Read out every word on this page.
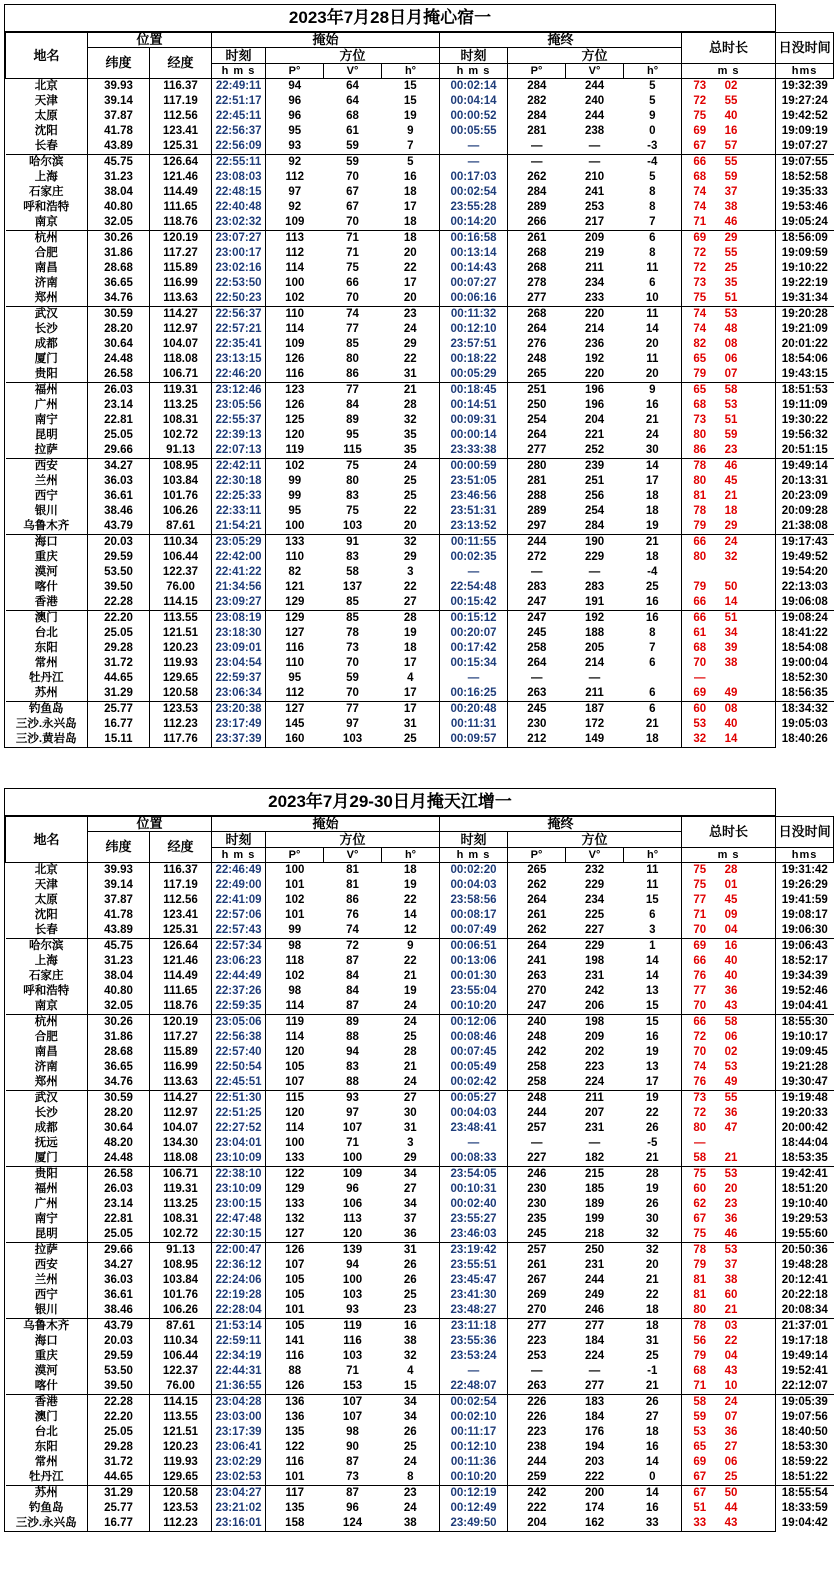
2023年7月28日月掩心宿一
地名	位置		掩始				掩终				总时长			日没时间
	纬度	经度	时刻	方位			时刻	方位						
			h m s	P°	V°	h°	h m s	P°	V°	h°	m s			hms
北京	39.93	116.37	22:49:11	94	64	15	00:02:14	284	244	5	73	02		19:32:39
天津	39.14	117.19	22:51:17	96	64	15	00:04:14	282	240	5	72	55		19:27:24
太原	37.87	112.56	22:45:11	96	68	19	00:00:52	284	244	9	75	40		19:42:52
沈阳	41.78	123.41	22:56:37	95	61	9	00:05:55	281	238	0	69	16		19:09:19
长春	43.89	125.31	22:56:09	93	59	7	—	—	—	-3	67	57		19:07:27
哈尔滨	45.75	126.64	22:55:11	92	59	5	—	—	—	-4	66	55		19:07:55
上海	31.23	121.46	23:08:03	112	70	16	00:17:03	262	210	5	68	59		18:52:58
石家庄	38.04	114.49	22:48:15	97	67	18	00:02:54	284	241	8	74	37		19:35:33
呼和浩特	40.80	111.65	22:40:48	92	67	17	23:55:28	289	253	8	74	38		19:53:46
南京	32.05	118.76	23:02:32	109	70	18	00:14:20	266	217	7	71	46		19:05:24
杭州	30.26	120.19	23:07:27	113	71	18	00:16:58	261	209	6	69	29		18:56:09
合肥	31.86	117.27	23:00:17	112	71	20	00:13:14	268	219	8	72	55		19:09:59
南昌	28.68	115.89	23:02:16	114	75	22	00:14:43	268	211	11	72	25		19:10:22
济南	36.65	116.99	22:53:50	100	66	17	00:07:27	278	234	6	73	35		19:22:19
郑州	34.76	113.63	22:50:23	102	70	20	00:06:16	277	233	10	75	51		19:31:34
武汉	30.59	114.27	22:56:37	110	74	23	00:11:32	268	220	11	74	53		19:20:28
长沙	28.20	112.97	22:57:21	114	77	24	00:12:10	264	214	14	74	48		19:21:09
成都	30.64	104.07	22:35:41	109	85	29	23:57:51	276	236	20	82	08		20:01:22
厦门	24.48	118.08	23:13:15	126	80	22	00:18:22	248	192	11	65	06		18:54:06
贵阳	26.58	106.71	22:46:20	116	86	31	00:05:29	265	220	20	79	07		19:43:15
福州	26.03	119.31	23:12:46	123	77	21	00:18:45	251	196	9	65	58		18:51:53
广州	23.14	113.25	23:05:56	126	84	28	00:14:51	250	196	16	68	53		19:11:09
南宁	22.81	108.31	22:55:37	125	89	32	00:09:31	254	204	21	73	51		19:30:22
昆明	25.05	102.72	22:39:13	120	95	35	00:00:14	264	221	24	80	59		19:56:32
拉萨	29.66	91.13	22:07:13	119	115	35	23:33:38	277	252	30	86	23		20:51:15
西安	34.27	108.95	22:42:11	102	75	24	00:00:59	280	239	14	78	46		19:49:14
兰州	36.03	103.84	22:30:18	99	80	25	23:51:05	281	251	17	80	45		20:13:31
西宁	36.61	101.76	22:25:33	99	83	25	23:46:56	288	256	18	81	21		20:23:09
银川	38.46	106.26	22:33:11	95	75	22	23:51:31	289	254	18	78	18		20:09:28
乌鲁木齐	43.79	87.61	21:54:21	100	103	20	23:13:52	297	284	19	79	29		21:38:08
海口	20.03	110.34	23:05:29	133	91	32	00:11:55	244	190	21	66	24		19:17:43
重庆	29.59	106.44	22:42:00	110	83	29	00:02:35	272	229	18	80	32		19:49:52
漠河	53.50	122.37	22:41:22	82	58	3	—	—	—	-4				19:54:20
喀什	39.50	76.00	21:34:56	121	137	22	22:54:48	283	283	25	79	50		22:13:03
香港	22.28	114.15	23:09:27	129	85	27	00:15:42	247	191	16	66	14		19:06:08
澳门	22.20	113.55	23:08:19	129	85	28	00:15:12	247	192	16	66	51		19:08:24
台北	25.05	121.51	23:18:30	127	78	19	00:20:07	245	188	8	61	34		18:41:22
东阳	29.28	120.23	23:09:01	116	73	18	00:17:42	258	205	7	68	39		18:54:08
常州	31.72	119.93	23:04:54	110	70	17	00:15:34	264	214	6	70	38		19:00:04
牡丹江	44.65	129.65	22:59:37	95	59	4	—	—	—		—			18:52:30
苏州	31.29	120.58	23:06:34	112	70	17	00:16:25	263	211	6	69	49		18:56:35
钓鱼岛	25.77	123.53	23:20:38	127	77	17	00:20:48	245	187	6	60	08		18:34:32
三沙.永兴岛	16.77	112.23	23:17:49	145	97	31	00:11:31	230	172	21	53	40		19:05:03
三沙.黄岩岛	15.11	117.76	23:37:39	160	103	25	00:09:57	212	149	18	32	14		18:40:26
2023年7月29-30日月掩天江增一
地名	位置		掩始				掩终				总时长			日没时间
	纬度	经度	时刻	方位			时刻	方位						
			h m s	P°	V°	h°	h m s	P°	V°	h°	m s			hms
北京	39.93	116.37	22:46:49	100	81	18	00:02:20	265	232	11	75	28		19:31:42
天津	39.14	117.19	22:49:00	101	81	19	00:04:03	262	229	11	75	01		19:26:29
太原	37.87	112.56	22:41:09	102	86	22	23:58:56	264	234	15	77	45		19:41:59
沈阳	41.78	123.41	22:57:06	101	76	14	00:08:17	261	225	6	71	09		19:08:17
长春	43.89	125.31	22:57:43	99	74	12	00:07:49	262	227	3	70	04		19:06:30
哈尔滨	45.75	126.64	22:57:34	98	72	9	00:06:51	264	229	1	69	16		19:06:43
上海	31.23	121.46	23:06:23	118	87	22	00:13:06	241	198	14	66	40		18:52:17
石家庄	38.04	114.49	22:44:49	102	84	21	00:01:30	263	231	14	76	40		19:34:39
呼和浩特	40.80	111.65	22:37:26	98	84	19	23:55:04	270	242	13	77	36		19:52:46
南京	32.05	118.76	22:59:35	114	87	24	00:10:20	247	206	15	70	43		19:04:41
杭州	30.26	120.19	23:05:06	119	89	24	00:12:06	240	198	15	66	58		18:55:30
合肥	31.86	117.27	22:56:38	114	88	25	00:08:46	248	209	16	72	06		19:10:17
南昌	28.68	115.89	22:57:40	120	94	28	00:07:45	242	202	19	70	02		19:09:45
济南	36.65	116.99	22:50:54	105	83	21	00:05:49	258	223	13	74	53		19:21:28
郑州	34.76	113.63	22:45:51	107	88	24	00:02:42	258	224	17	76	49		19:30:47
武汉	30.59	114.27	22:51:30	115	93	27	00:05:27	248	211	19	73	55		19:19:48
长沙	28.20	112.97	22:51:25	120	97	30	00:04:03	244	207	22	72	36		19:20:33
成都	30.64	104.07	22:27:52	114	107	31	23:48:41	257	231	26	80	47		20:00:42
抚远	48.20	134.30	23:04:01	100	71	3	—	—	—	-5	—			18:44:04
厦门	24.48	118.08	23:10:09	133	100	29	00:08:33	227	182	21	58	21		18:53:35
贵阳	26.58	106.71	22:38:10	122	109	34	23:54:05	246	215	28	75	53		19:42:41
福州	26.03	119.31	23:10:09	129	96	27	00:10:31	230	185	19	60	20		18:51:20
广州	23.14	113.25	23:00:15	133	106	34	00:02:40	230	189	26	62	23		19:10:40
南宁	22.81	108.31	22:47:48	132	113	37	23:55:27	235	199	30	67	36		19:29:53
昆明	25.05	102.72	22:30:15	127	120	36	23:46:03	245	218	32	75	46		19:55:60
拉萨	29.66	91.13	22:00:47	126	139	31	23:19:42	257	250	32	78	53		20:50:36
西安	34.27	108.95	22:36:12	107	94	26	23:55:51	261	231	20	79	37		19:48:28
兰州	36.03	103.84	22:24:06	105	100	26	23:45:47	267	244	21	81	38		20:12:41
西宁	36.61	101.76	22:19:28	105	103	25	23:41:30	269	249	22	81	60		20:22:18
银川	38.46	106.26	22:28:04	101	93	23	23:48:27	270	246	18	80	21		20:08:34
乌鲁木齐	43.79	87.61	21:53:14	105	119	16	23:11:18	277	277	18	78	03		21:37:01
海口	20.03	110.34	22:59:11	141	116	38	23:55:36	223	184	31	56	22		19:17:18
重庆	29.59	106.44	22:34:19	116	103	32	23:53:24	253	224	25	79	04		19:49:14
漠河	53.50	122.37	22:44:31	88	71	4	—	—	—	-1	68	43		19:52:41
喀什	39.50	76.00	21:36:55	126	153	15	22:48:07	263	277	21	71	10		22:12:07
香港	22.28	114.15	23:04:28	136	107	34	00:02:54	226	183	26	58	24		19:05:39
澳门	22.20	113.55	23:03:00	136	107	34	00:02:10	226	184	27	59	07		19:07:56
台北	25.05	121.51	23:17:39	135	98	26	00:11:17	223	176	18	53	36		18:40:50
东阳	29.28	120.23	23:06:41	122	90	25	00:12:10	238	194	16	65	27		18:53:30
常州	31.72	119.93	23:02:29	116	87	24	00:11:36	244	203	14	69	06		18:59:22
牡丹江	44.65	129.65	23:02:53	101	73	8	00:10:20	259	222	0	67	25		18:51:22
苏州	31.29	120.58	23:04:27	117	87	23	00:12:19	242	200	14	67	50		18:55:54
钓鱼岛	25.77	123.53	23:21:02	135	96	24	00:12:49	222	174	16	51	44		18:33:59
三沙.永兴岛	16.77	112.23	23:16:01	158	124	38	23:49:50	204	162	33	33	43		19:04:42
